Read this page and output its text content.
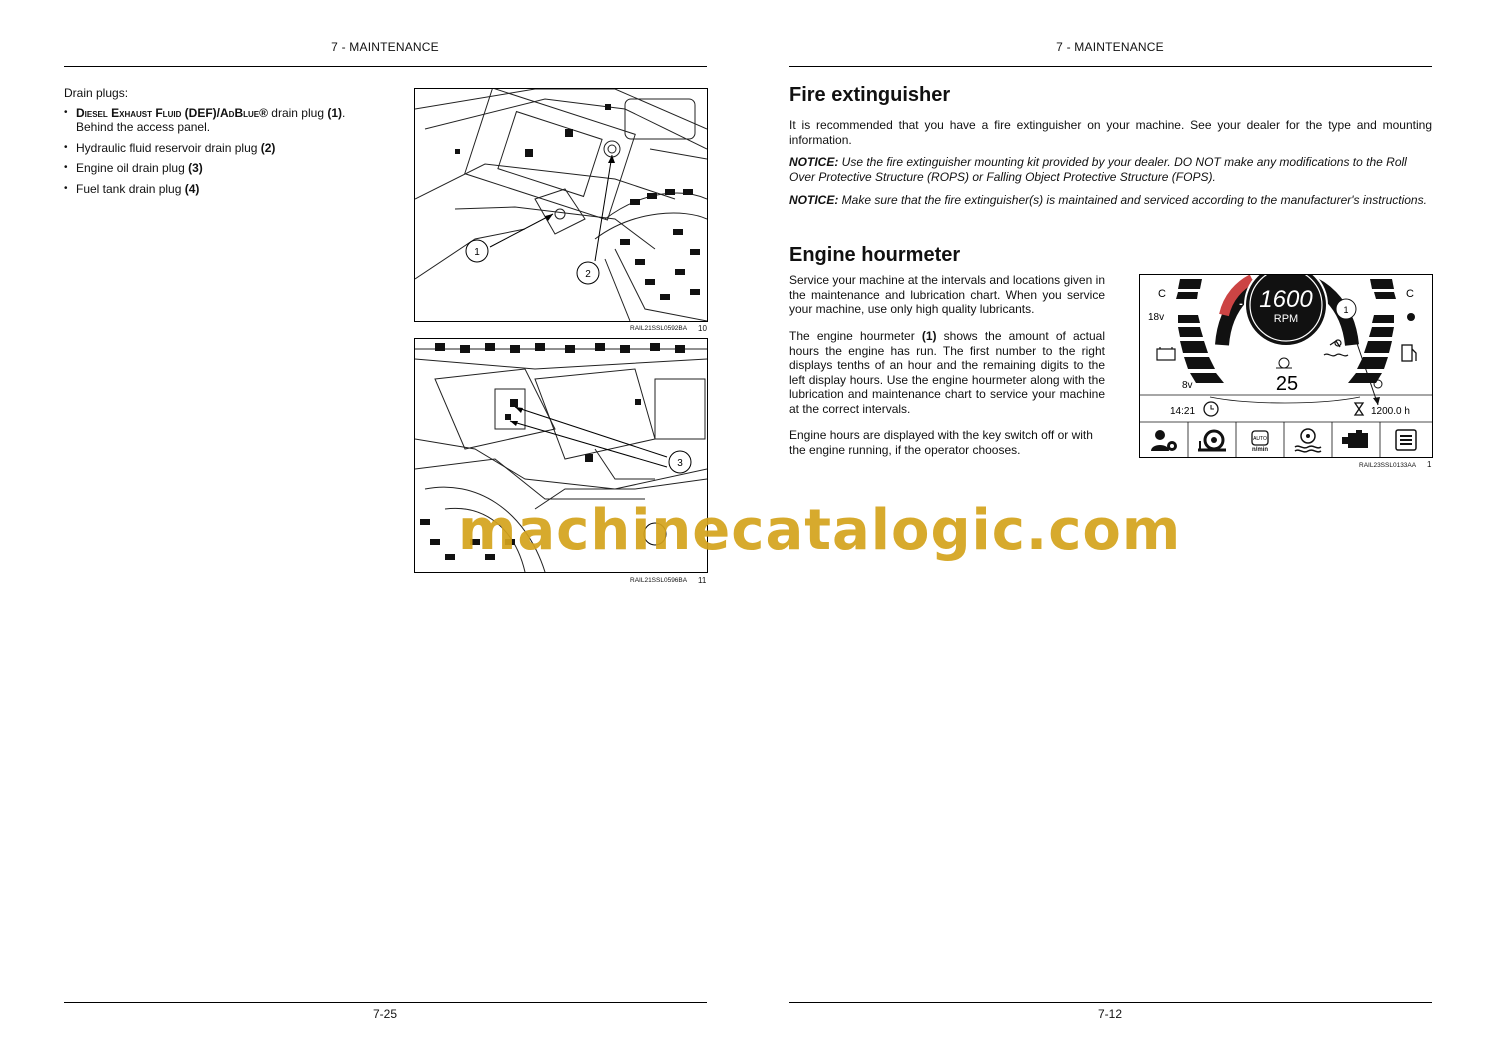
7 - MAINTENANCE
Drain plugs:
• Diesel Exhaust Fluid (DEF)/AdBlue® drain plug (1).
Behind the access panel.
• Hydraulic fluid reservoir drain plug (2)
• Engine oil drain plug (3)
• Fuel tank drain plug (4)
1
2
RAIL21SSL0592BA 10
3
RAIL21SSL0596BA 11
7-25
7 - MAINTENANCE
Fire extinguisher
It is recommended that you have a fire extinguisher on your machine. See your dealer for the type and mounting information.
NOTICE: Use the fire extinguisher mounting kit provided by your dealer. DO NOT make any modifications to the Roll Over Protective Structure (ROPS) or Falling Object Protective Structure (FOPS).
NOTICE: Make sure that the fire extinguisher(s) is maintained and serviced according to the manufacturer's instructions.
Engine hourmeter
Service your machine at the intervals and locations given in the maintenance and lubrication chart. When you service your machine, use only high quality lubricants.
The engine hourmeter (1) shows the amount of actual hours the engine has run. The first number to the right displays tenths of an hour and the remaining digits to the left display hours. Use the engine hourmeter along with the lubrication and maintenance chart to service your machine at the correct intervals.
Engine hours are displayed with the key switch off or with the engine running, if the operator chooses.
1600
RPM
-
C	C
18v
8v	25
1
14:21	1200.0 h
AUTO
n/min
RAIL23SSL0133AA 1
7-12
machinecatalogic.com
